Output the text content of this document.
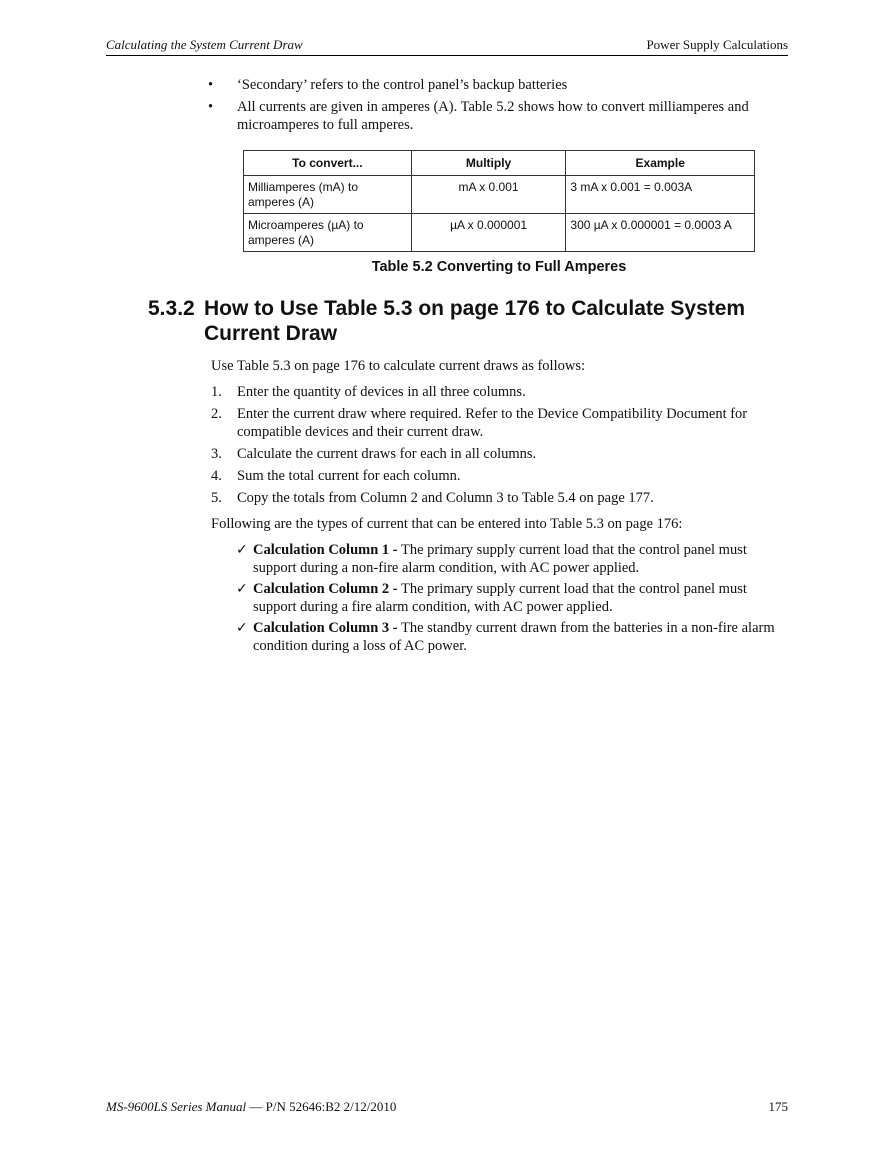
Calculating the System Current Draw	Power Supply Calculations
• ‘Secondary’ refers to the control panel’s backup batteries
• All currents are given in amperes (A). Table 5.2 shows how to convert milliamperes and microamperes to full amperes.
To convert...	Multiply	Example
Milliamperes (mA) to amperes (A)	mA x 0.001	3 mA x 0.001 = 0.003A
Microamperes (µA) to amperes (A)	µA x 0.000001	300 µA x 0.000001 = 0.0003 A
Table 5.2 Converting to Full Amperes
5.3.2 How to Use Table 5.3 on page 176 to Calculate System Current Draw
Use Table 5.3 on page 176 to calculate current draws as follows:
1. Enter the quantity of devices in all three columns.
2. Enter the current draw where required. Refer to the Device Compatibility Document for compatible devices and their current draw.
3. Calculate the current draws for each in all columns.
4. Sum the total current for each column.
5. Copy the totals from Column 2 and Column 3 to Table 5.4 on page 177.
Following are the types of current that can be entered into Table 5.3 on page 176:
✓ Calculation Column 1 - The primary supply current load that the control panel must support during a non-fire alarm condition, with AC power applied.
✓ Calculation Column 2 - The primary supply current load that the control panel must support during a fire alarm condition, with AC power applied.
✓ Calculation Column 3 - The standby current drawn from the batteries in a non-fire alarm condition during a loss of AC power.
MS-9600LS Series Manual — P/N 52646:B2 2/12/2010	175
